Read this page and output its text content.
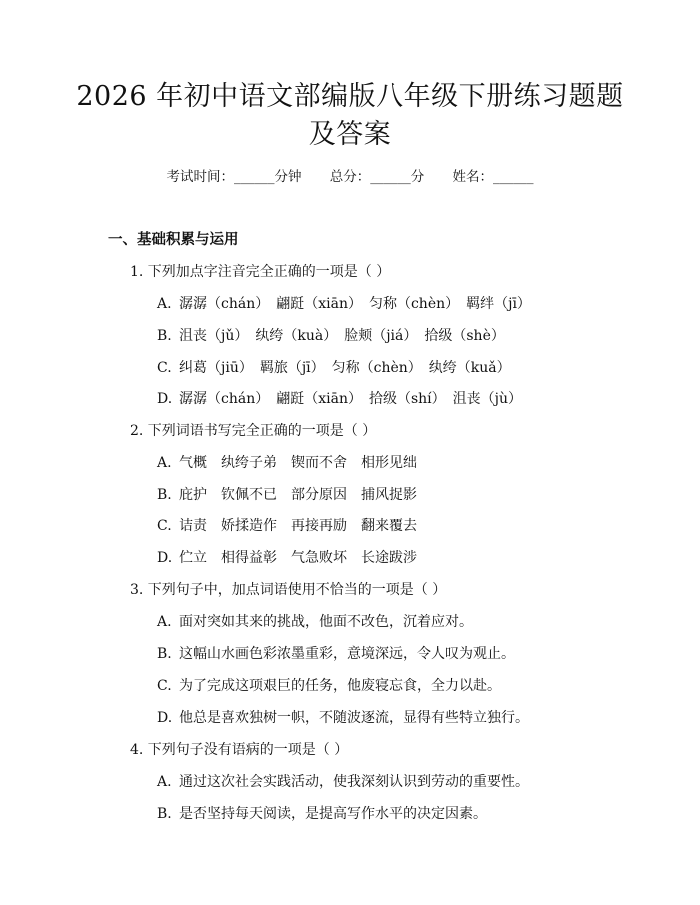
2026 年初中语文部编版八年级下册练习题题
及答案
考试时间：______分钟 总分：______分 姓名：______
一、基础积累与运用
1. 下列加点字注音完全正确的一项是（ ）
A. 潺潺（chán）　翩跹（xiān）　匀称（chèn）　羁绊（jī）
B. 沮丧（jǔ）　纨绔（kuà）　脸颊（jiá）　拾级（shè）
C. 纠葛（jiū）　羁旅（jī）　匀称（chèn）　纨绔（kuǎ）
D. 潺潺（chán）　翩跹（xiān）　拾级（shí）　沮丧（jù）
2. 下列词语书写完全正确的一项是（ ）
A. 气概　纨绔子弟　锲而不舍　相形见绌
B. 庇护　钦佩不已　部分原因　捕风捉影
C. 诘责　娇揉造作　再接再励　翻来覆去
D. 伫立　相得益彰　气急败坏　长途跋涉
3. 下列句子中，加点词语使用不恰当的一项是（ ）
A. 面对突如其来的挑战，他面不改色，沉着应对。
B. 这幅山水画色彩浓墨重彩，意境深远，令人叹为观止。
C. 为了完成这项艰巨的任务，他废寝忘食，全力以赴。
D. 他总是喜欢独树一帜，不随波逐流，显得有些特立独行。
4. 下列句子没有语病的一项是（ ）
A. 通过这次社会实践活动，使我深刻认识到劳动的重要性。
B. 是否坚持每天阅读，是提高写作水平的决定因素。
